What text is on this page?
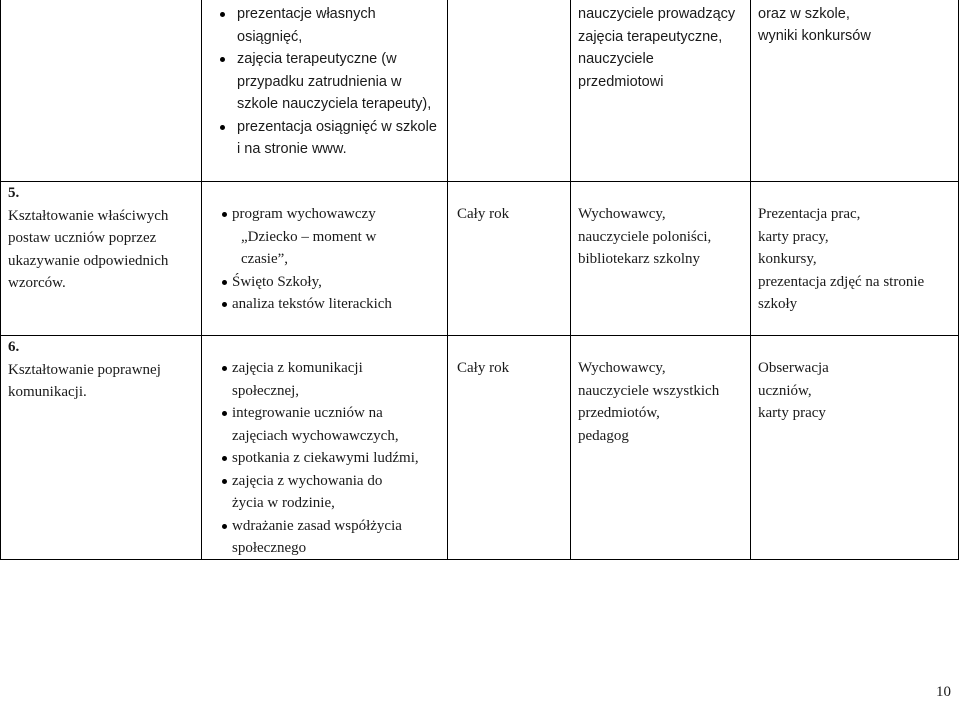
prezentacje własnych osiągnięć,
zajęcia terapeutyczne (w przypadku zatrudnienia w szkole nauczyciela terapeuty),
prezentacja osiągnięć w szkole i na stronie www.
nauczyciele prowadzący
zajęcia terapeutyczne,
nauczyciele
przedmiotowi
oraz w szkole,
wyniki konkursów
5.
Kształtowanie właściwych
postaw uczniów poprzez
ukazywanie odpowiednich
wzorców.
program wychowawczy
„Dziecko – moment w
czasie”,
Święto Szkoły,
analiza tekstów literackich
Cały rok	Wychowawcy,
nauczyciele poloniści,
bibliotekarz szkolny
Prezentacja prac,
karty pracy,
konkursy,
prezentacja zdjęć na stronie
szkoły
6.
Kształtowanie poprawnej
komunikacji.
zajęcia z komunikacji
społecznej,
integrowanie uczniów na
zajęciach wychowawczych,
spotkania z ciekawymi ludźmi,
zajęcia z wychowania do
życia w rodzinie,
wdrażanie zasad współżycia
społecznego
Cały rok	Wychowawcy,
nauczyciele wszystkich
przedmiotów,
pedagog
Obserwacja
uczniów,
karty pracy
10
